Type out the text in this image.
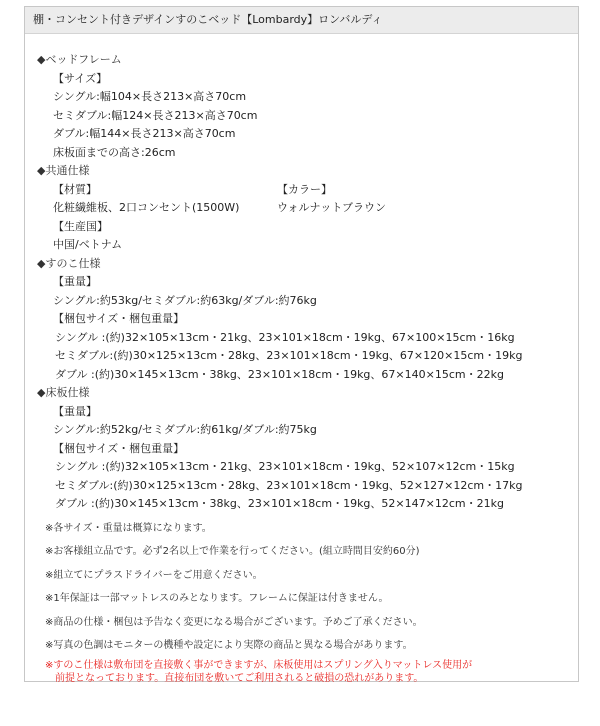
棚・コンセント付きデザインすのこベッド【Lombardy】ロンバルディ
◆ベッドフレーム
【サイズ】
シングル:幅104×長さ213×高さ70cm
セミダブル:幅124×長さ213×高さ70cm
ダブル:幅144×長さ213×高さ70cm
床板面までの高さ:26cm
◆共通仕様
【材質】	【カラー】
化粧繊維板、2口コンセント(1500W)	ウォルナットブラウン
【生産国】
中国/ベトナム
◆すのこ仕様
【重量】
シングル:約53kg/セミダブル:約63kg/ダブル:約76kg
【梱包サイズ・梱包重量】
シングル :(約)32×105×13cm・21kg、23×101×18cm・19kg、67×100×15cm・16kg
セミダブル:(約)30×125×13cm・28kg、23×101×18cm・19kg、67×120×15cm・19kg
ダブル :(約)30×145×13cm・38kg、23×101×18cm・19kg、67×140×15cm・22kg
◆床板仕様
【重量】
シングル:約52kg/セミダブル:約61kg/ダブル:約75kg
【梱包サイズ・梱包重量】
シングル :(約)32×105×13cm・21kg、23×101×18cm・19kg、52×107×12cm・15kg
セミダブル:(約)30×125×13cm・28kg、23×101×18cm・19kg、52×127×12cm・17kg
ダブル :(約)30×145×13cm・38kg、23×101×18cm・19kg、52×147×12cm・21kg
※各サイズ・重量は概算になります。
※お客様組立品です。必ず2名以上で作業を行ってください。(組立時間目安約60分)
※組立てにプラスドライバーをご用意ください。
※1年保証は一部マットレスのみとなります。フレームに保証は付きません。
※商品の仕様・梱包は予告なく変更になる場合がございます。予めご了承ください。
※写真の色調はモニターの機種や設定により実際の商品と異なる場合があります。
※すのこ仕様は敷布団を直接敷く事ができますが、床板使用はスプリング入りマットレス使用が
前提となっております。直接布団を敷いてご利用されると破損の恐れがあります。
